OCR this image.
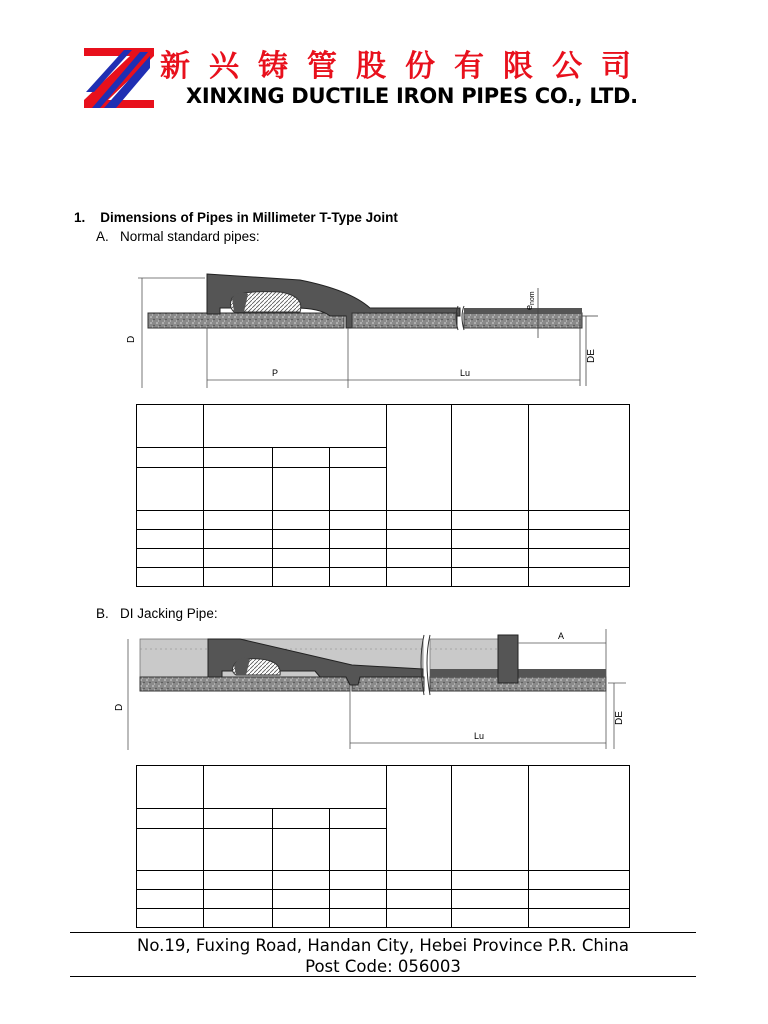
新兴铸管股份有限公司
XINXING DUCTILE IRON PIPES CO., LTD.
1. Dimensions of Pipes in Millimeter T-Type Joint
A. Normal standard pipes:
$e_{nom}$
DE
D
P	Lu

B. DI Jacking Pipe:
A
DE
D
Lu

No.19, Fuxing Road, Handan City, Hebei Province P.R. China
Post Code: 056003
